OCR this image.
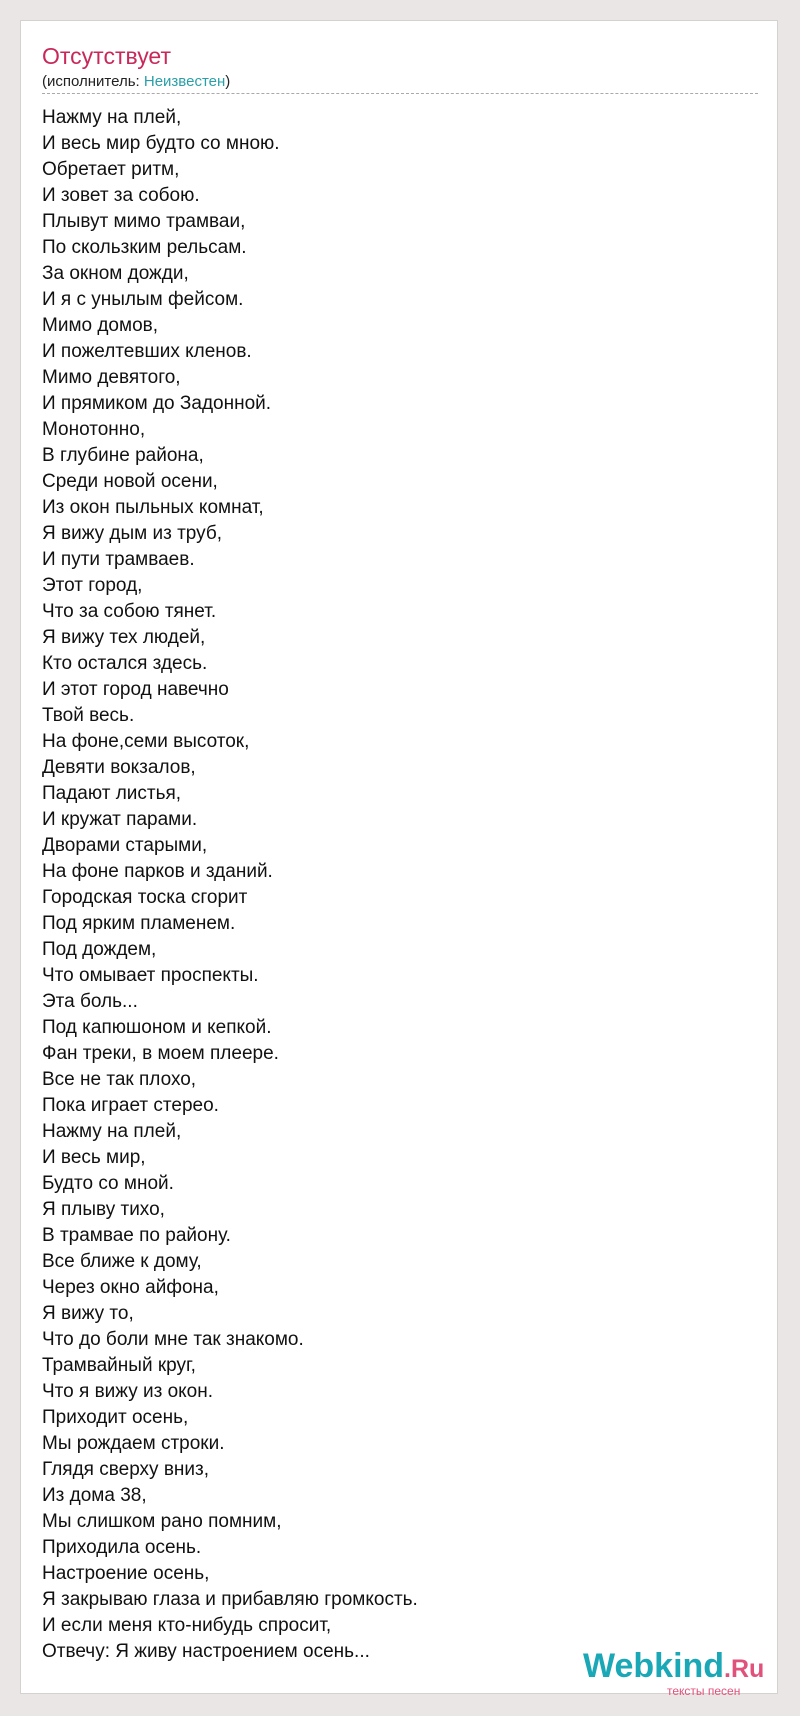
Отсутствует
(исполнитель: Неизвестен)
Нажму на плей,
И весь мир будто со мною.
Обретает ритм,
И зовет за собою.
Плывут мимо трамваи,
По скользким рельсам.
За окном дожди,
И я с унылым фейсом.
Мимо домов,
И пожелтевших кленов.
Мимо девятого,
И прямиком до Задонной.
Монотонно,
В глубине района,
Среди новой осени,
Из окон пыльных комнат,
Я вижу дым из труб,
И пути трамваев.
Этот город,
Что за собою тянет.
Я вижу тех людей,
Кто остался здесь.
И этот город навечно
Твой весь.
На фоне,семи высоток,
Девяти вокзалов,
Падают листья,
И кружат парами.
Дворами старыми,
На фоне парков и зданий.
Городская тоска сгорит
Под ярким пламенем.
Под дождем,
Что омывает проспекты.
Эта боль...
Под капюшоном и кепкой.
Фан треки, в моем плеере.
Все не так плохо,
Пока играет стерео.
Нажму на плей,
И весь мир,
Будто со мной.
Я плыву тихо,
В трамвае по району.
Все ближе к дому,
Через окно айфона,
Я вижу то,
Что до боли мне так знакомо.
Трамвайный круг,
Что я вижу из окон.
Приходит осень,
Мы рождаем строки.
Глядя сверху вниз,
Из дома 38,
Мы слишком рано помним,
Приходила осень.
Настроение осень,
Я закрываю глаза и прибавляю громкость.
И если меня кто-нибудь спросит,
Отвечу: Я живу настроением осень...	Webkind.Ru
тексты песен
